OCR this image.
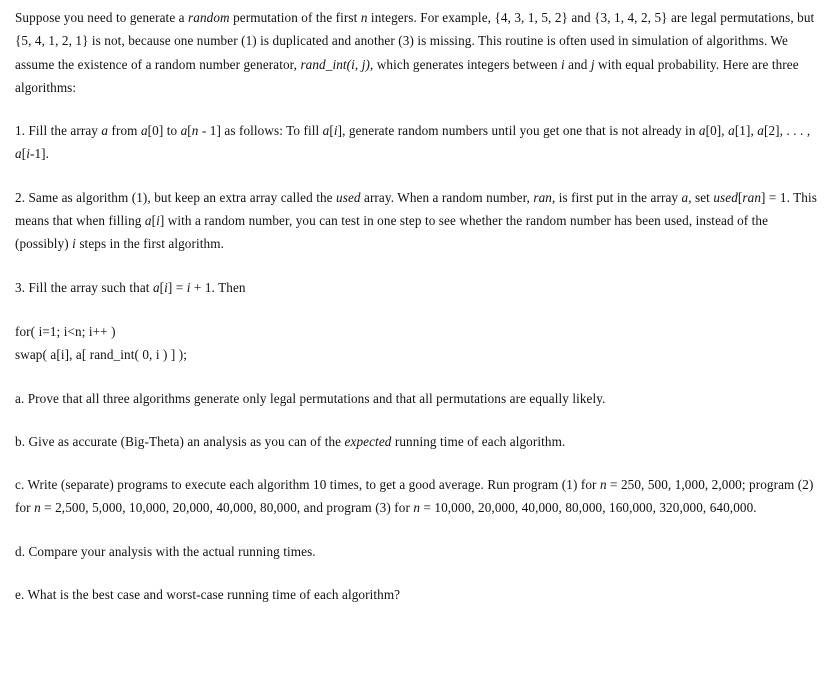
Suppose you need to generate a random permutation of the first n integers. For example, {4, 3, 1, 5, 2} and {3, 1, 4, 2, 5} are legal permutations, but {5, 4, 1, 2, 1} is not, because one number (1) is duplicated and another (3) is missing. This routine is often used in simulation of algorithms. We assume the existence of a random number generator, rand_int(i, j), which generates integers between i and j with equal probability. Here are three algorithms:

1. Fill the array a from a[0] to a[n - 1] as follows: To fill a[i], generate random numbers until you get one that is not already in a[0], a[1], a[2], . . . , a[i-1].

2. Same as algorithm (1), but keep an extra array called the used array. When a random number, ran, is first put in the array a, set used[ran] = 1. This means that when filling a[i] with a random number, you can test in one step to see whether the random number has been used, instead of the (possibly) i steps in the first algorithm.

3. Fill the array such that a[i] = i + 1. Then

for( i=1; i<n; i++ )

swap( a[i], a[ rand_int( 0, i ) ] );

a. Prove that all three algorithms generate only legal permutations and that all permutations are equally likely.

b. Give as accurate (Big-Theta) an analysis as you can of the expected running time of each algorithm.

c. Write (separate) programs to execute each algorithm 10 times, to get a good average. Run program (1) for n = 250, 500, 1,000, 2,000; program (2) for n = 2,500, 5,000, 10,000, 20,000, 40,000, 80,000, and program (3) for n = 10,000, 20,000, 40,000, 80,000, 160,000, 320,000, 640,000.

d. Compare your analysis with the actual running times.

e. What is the best case and worst-case running time of each algorithm?
